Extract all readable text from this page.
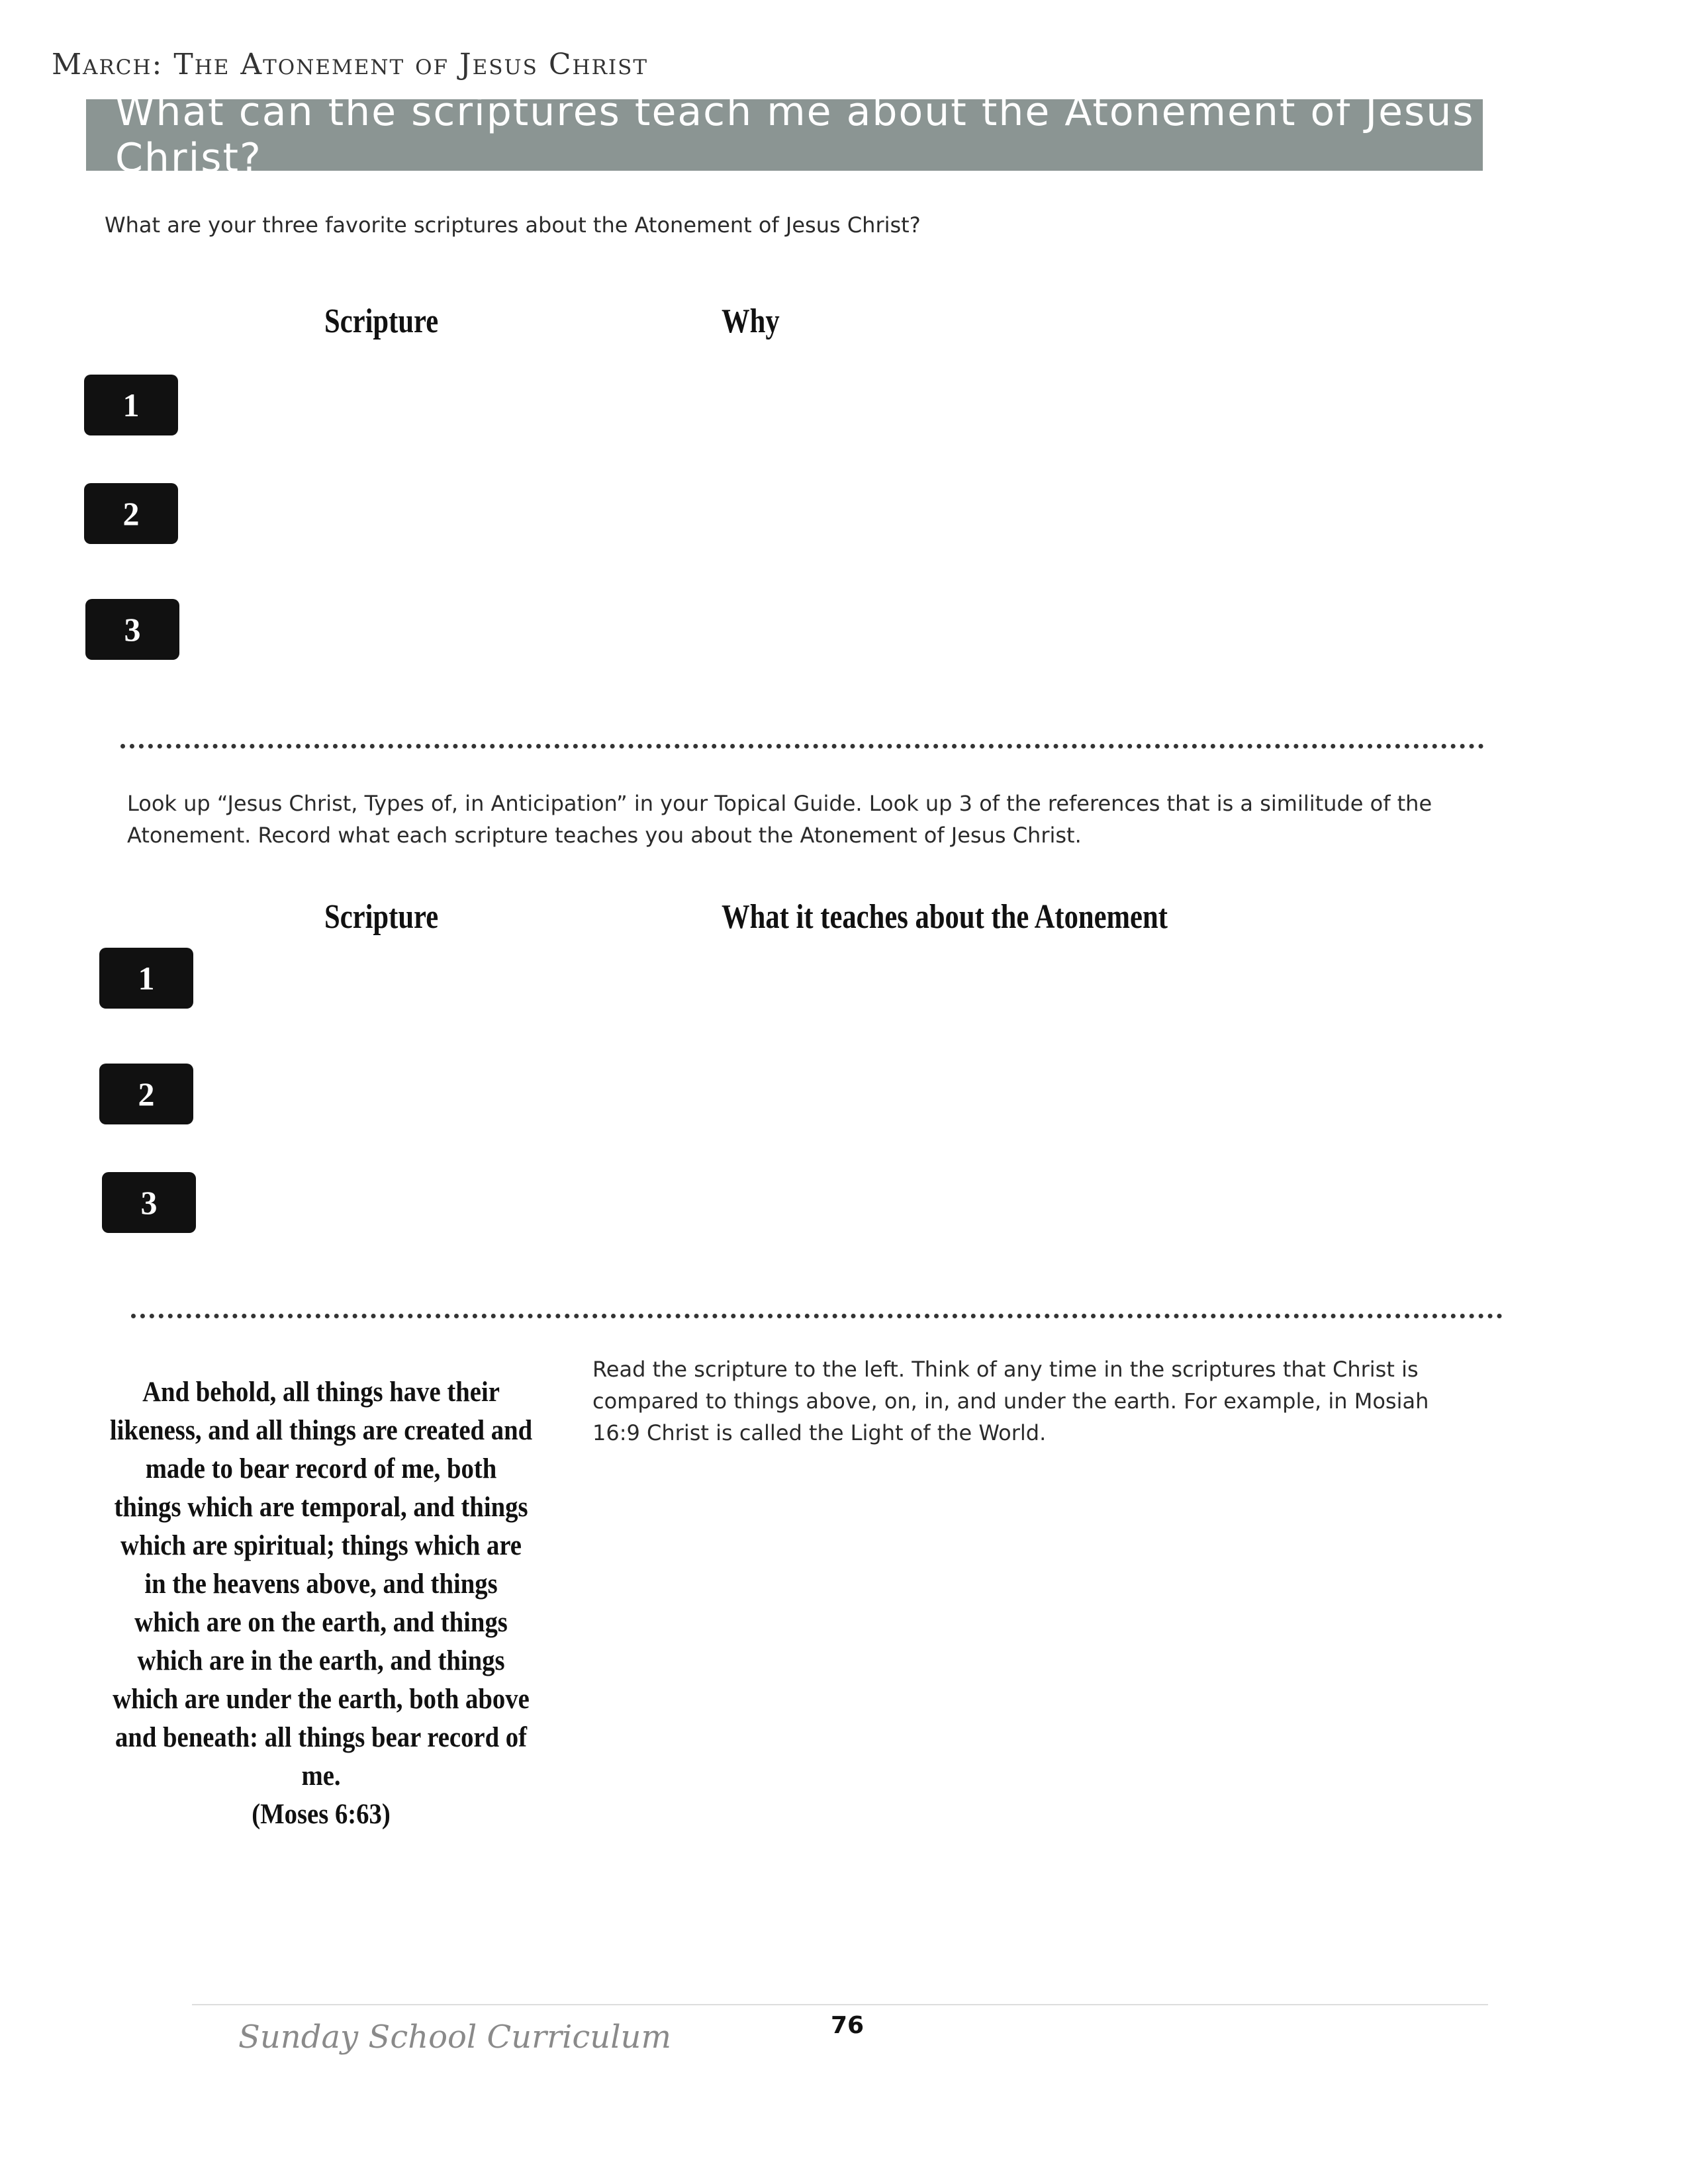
March: The Atonement of Jesus Christ
What can the scriptures teach me about the Atonement of Jesus Christ?
What are your three favorite scriptures about the Atonement of Jesus Christ?
Scripture	Why
1
2
3
Look up “Jesus Christ, Types of, in Anticipation” in your Topical Guide. Look up 3 of the references that is a similitude of the Atonement. Record what each scripture teaches you about the Atonement of Jesus Christ.
Scripture	What it teaches about the Atonement
1
2
3
And behold, all things have their likeness, and all things are created and made to bear record of me, both things which are temporal, and things which are spiritual; things which are in the heavens above, and things which are on the earth, and things which are in the earth, and things which are under the earth, both above and beneath: all things bear record of me.
(Moses 6:63)
Read the scripture to the left. Think of any time in the scriptures that Christ is compared to things above, on, in, and under the earth. For example, in Mosiah 16:9 Christ is called the Light of the World.
Sunday School Curriculum	76
